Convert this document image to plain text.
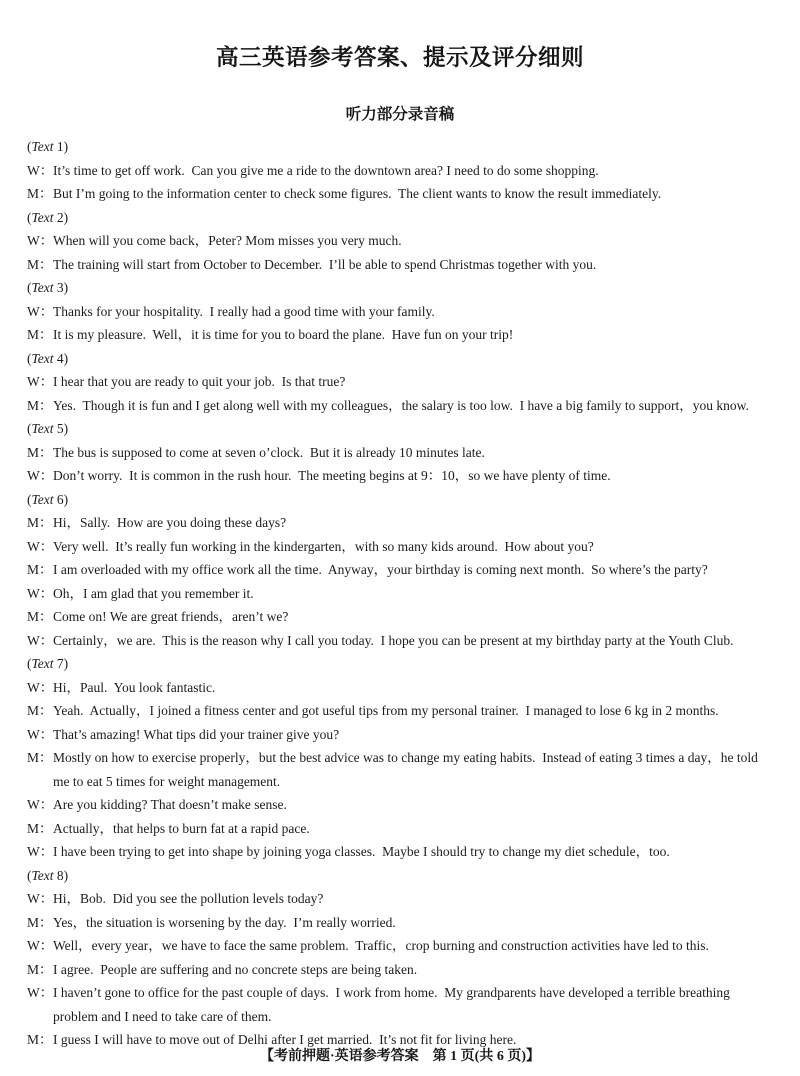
高三英语参考答案、提示及评分细则
听力部分录音稿
(Text 1)
W：It’s time to get off work.  Can you give me a ride to the downtown area? I need to do some shopping.
M：But I’m going to the information center to check some figures.  The client wants to know the result immediately.
(Text 2)
W：When will you come back，Peter? Mom misses you very much.
M：The training will start from October to December.  I’ll be able to spend Christmas together with you.
(Text 3)
W：Thanks for your hospitality.  I really had a good time with your family.
M：It is my pleasure.  Well，it is time for you to board the plane.  Have fun on your trip!
(Text 4)
W：I hear that you are ready to quit your job.  Is that true?
M：Yes.  Though it is fun and I get along well with my colleagues，the salary is too low.  I have a big family to support，you know.
(Text 5)
M：The bus is supposed to come at seven o’clock.  But it is already 10 minutes late.
W：Don’t worry.  It is common in the rush hour.  The meeting begins at 9：10，so we have plenty of time.
(Text 6)
M：Hi，Sally.  How are you doing these days?
W：Very well.  It’s really fun working in the kindergarten，with so many kids around.  How about you?
M：I am overloaded with my office work all the time.  Anyway，your birthday is coming next month.  So where’s the party?
W：Oh，I am glad that you remember it.
M：Come on! We are great friends，aren’t we?
W：Certainly，we are.  This is the reason why I call you today.  I hope you can be present at my birthday party at the Youth Club.
(Text 7)
W：Hi，Paul.  You look fantastic.
M：Yeah.  Actually，I joined a fitness center and got useful tips from my personal trainer.  I managed to lose 6 kg in 2 months.
W：That’s amazing! What tips did your trainer give you?
M：Mostly on how to exercise properly，but the best advice was to change my eating habits.  Instead of eating 3 times a day，he told me to eat 5 times for weight management.
W：Are you kidding? That doesn’t make sense.
M：Actually，that helps to burn fat at a rapid pace.
W：I have been trying to get into shape by joining yoga classes.  Maybe I should try to change my diet schedule，too.
(Text 8)
W：Hi，Bob.  Did you see the pollution levels today?
M：Yes，the situation is worsening by the day.  I’m really worried.
W：Well，every year，we have to face the same problem.  Traffic，crop burning and construction activities have led to this.
M：I agree.  People are suffering and no concrete steps are being taken.
W：I haven’t gone to office for the past couple of days.  I work from home.  My grandparents have developed a terrible breathing problem and I need to take care of them.
M：I guess I will have to move out of Delhi after I get married.  It’s not fit for living here.
【考前押题·英语参考答案　第 1 页(共 6 页)】
